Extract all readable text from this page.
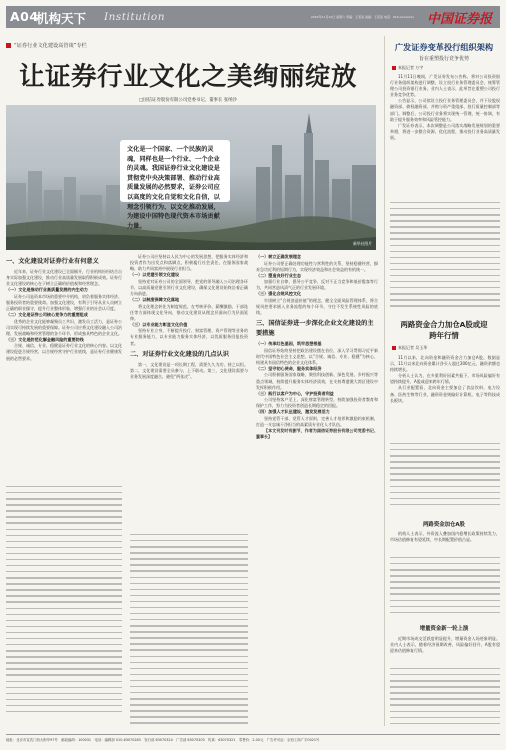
A04
机构天下 Institution	2022年11月12日 星期六 责编：王某某 美编：王某某 电话：010-xxxxxxxx 中国证券报
“证券行业文化建设高管谈”专栏
让证券行业文化之美绚丽绽放
□国信证券股份有限公司党委书记、董事长 张纳沙
新华社图片
文化是一个国家、一个民族的灵魂，同样也是一个行业、一个企业的灵魂。我国证券行业文化建设是贯彻党中央决策部署、推动行业高质量发展的必然要求，证券公司应以高度的文化自觉和文化自信，以理念引领行为、以文化推动发展，为建设中国特色现代资本市场贡献力量。
一、文化建设对证券行业有何意义

近年来，证券行业文化建设已全面铺开，行业机构纷纷结合自身实际加强文化建设，推动行业高质量发展取得积极成效。证券行业文化建设的核心在于树立正确的价值观和经营理念。

（一）文化是推动行业高质量发展的内生动力

证券公司是资本市场的重要中介机构，肩负着服务实体经济、服务投资者的重要使命。加强文化建设，有利于引导从业人员树立正确的职业操守，提升行业整体形象，增强行业的社会认可度。

（二）文化是证券公司核心竞争力的重要组成

优秀的企业文化能够凝聚员工共识、激发员工活力，是证券公司实现可持续发展的重要保障。证券公司应将文化建设融入公司治理、发展战略和经营管理的各个环节，形成独具特色的企业文化。

（三）文化是防范化解金融风险的重要防线

合规、诚信、专业、稳健是证券行业文化的核心内容。以文化建设促进合规经营，以合规经营守护行业底线，是证券行业健康发展的必然要求。

证券公司应坚持以人民为中心的发展思想，把服务实体经济和投资者作为出发点和落脚点，积极履行社会责任，在服务国家战略、助力共同富裕中展现行业担当。

（一）以党建引领文化建设

坚持党对证券公司的全面领导，把党的领导融入公司治理各环节，以高质量党建引领行业文化建设，确保文化建设始终沿着正确方向前进。

（二）以制度保障文化落地

将文化理念转化为制度规范，在考核评价、薪酬激励、干部选任等方面体现文化导向，推动文化建设从理念层面向行为层面延伸。

（三）以专业能力彰显文化价值

坚持专业立身，不断提升投行、财富管理、资产管理等业务的专业服务能力，以专业能力服务实体经济，以优质服务回报投资者。

二、对证券行业文化建设的几点认识

第一，文化建设是一项长期工程，需要久久为功、持之以恒。第二，文化建设需要全员参与、上下联动。第三，文化建设需要与业务发展深度融合，避免“两张皮”。

（一）树立正确发展理念

证券公司要正确处理功能性与营利性的关系，坚持稳健经营，摒弃急功近利的短期行为，实现经济效益和社会效益的有机统一。

（二）塑造良好行业生态

加强行业自律，倡导公平竞争，反对不正当竞争和低价揽客等行为，共同营造风清气正的行业发展环境。

（三）强化合规风控文化

牢固树立“合规创造价值”的理念，健全全面风险管理体系，将合规风控要求嵌入业务流程的每个环节，守住不发生系统性风险的底线。

三、国信证券进一步深化企业文化建设的主要措施

（一）传承红色基因，筑牢思想根基

国信证券始终坚持把政治建设摆在首位，深入学习贯彻习近平新时代中国特色社会主义思想，以“合规、诚信、专业、稳健”为核心，构建具有国信特色的企业文化体系。

（二）坚守初心使命，服务实体经济

公司积极服务国家战略，聚焦科技创新、绿色发展、乡村振兴等重点领域，持续提升服务实体经济质效，在支持粤港澳大湾区建设中发挥积极作用。

（三）践行以客户为中心，守护投资者利益

公司坚持客户至上，深化财富管理转型，持续加强投资者教育和保护工作，努力为投资者创造长期稳定的回报。

（四）加强人才队伍建设，激发发展活力

坚持党管干部、党管人才原则，完善人才培养和激励约束机制，打造一支忠诚干净担当的高素质专业化人才队伍。

【本文刊发时有删节，作者为国信证券股份有限公司党委书记、董事长】

广发证券变革投行组织架构
旨在重塑投行竞争优势
本报记者 万宇

11月11日晚间，广发证券发布公告称，将对公司投资银行业务组织架构进行调整，设立投行业务管理委员会，统筹管理公司投资银行业务。业内人士表示，此举旨在重塑公司投行业务竞争优势。

公告显示，公司拟设立投行业务管理委员会，并下设股权融资部、债权融资部、并购与资产重组部、投行质量控制部等部门。调整后，公司投行业务将实现统一管理、统一协调，有助于提升服务效率和风险管控能力。

广发证券表示，本次调整是公司落实战略发展规划的重要举措，将进一步整合资源、优化流程，推动投行业务高质量发展。

两路资金合力加仓A股或迎跨年行情
本报记者 吴玉华

11月以来，北向资金和融资资金合力加仓A股。数据显示，11月以来北向资金累计净买入超过200亿元，融资余额也持续增长。

分析人士认为，在多重利好因素共振下，市场风险偏好有望持续提升，A股或迎来跨年行情。

从行业配置看，北向资金主要加仓了食品饮料、电力设备、医药生物等行业，融资资金则偏好计算机、电子等科技成长板块。

两路资金加仓A股

机构人士表示，外资流入叠加国内稳增长政策持续发力，市场估值修复有望延续，中长期配置价值凸显。

增量资金新一轮上演

近期市场成交活跃度明显提升，增量资金入场迹象明显。业内人士表示，随着经济预期改善，风险偏好回升，A股有望迎来估值修复行情。

地址：北京市宣武门西大街甲97号　邮政编码：100031　电话：编辑部 010-63070283　发行部 63070324　广告部 63070303　传真：63070321　零售价：2.00元　广告许可证：京西工商广字0021号
